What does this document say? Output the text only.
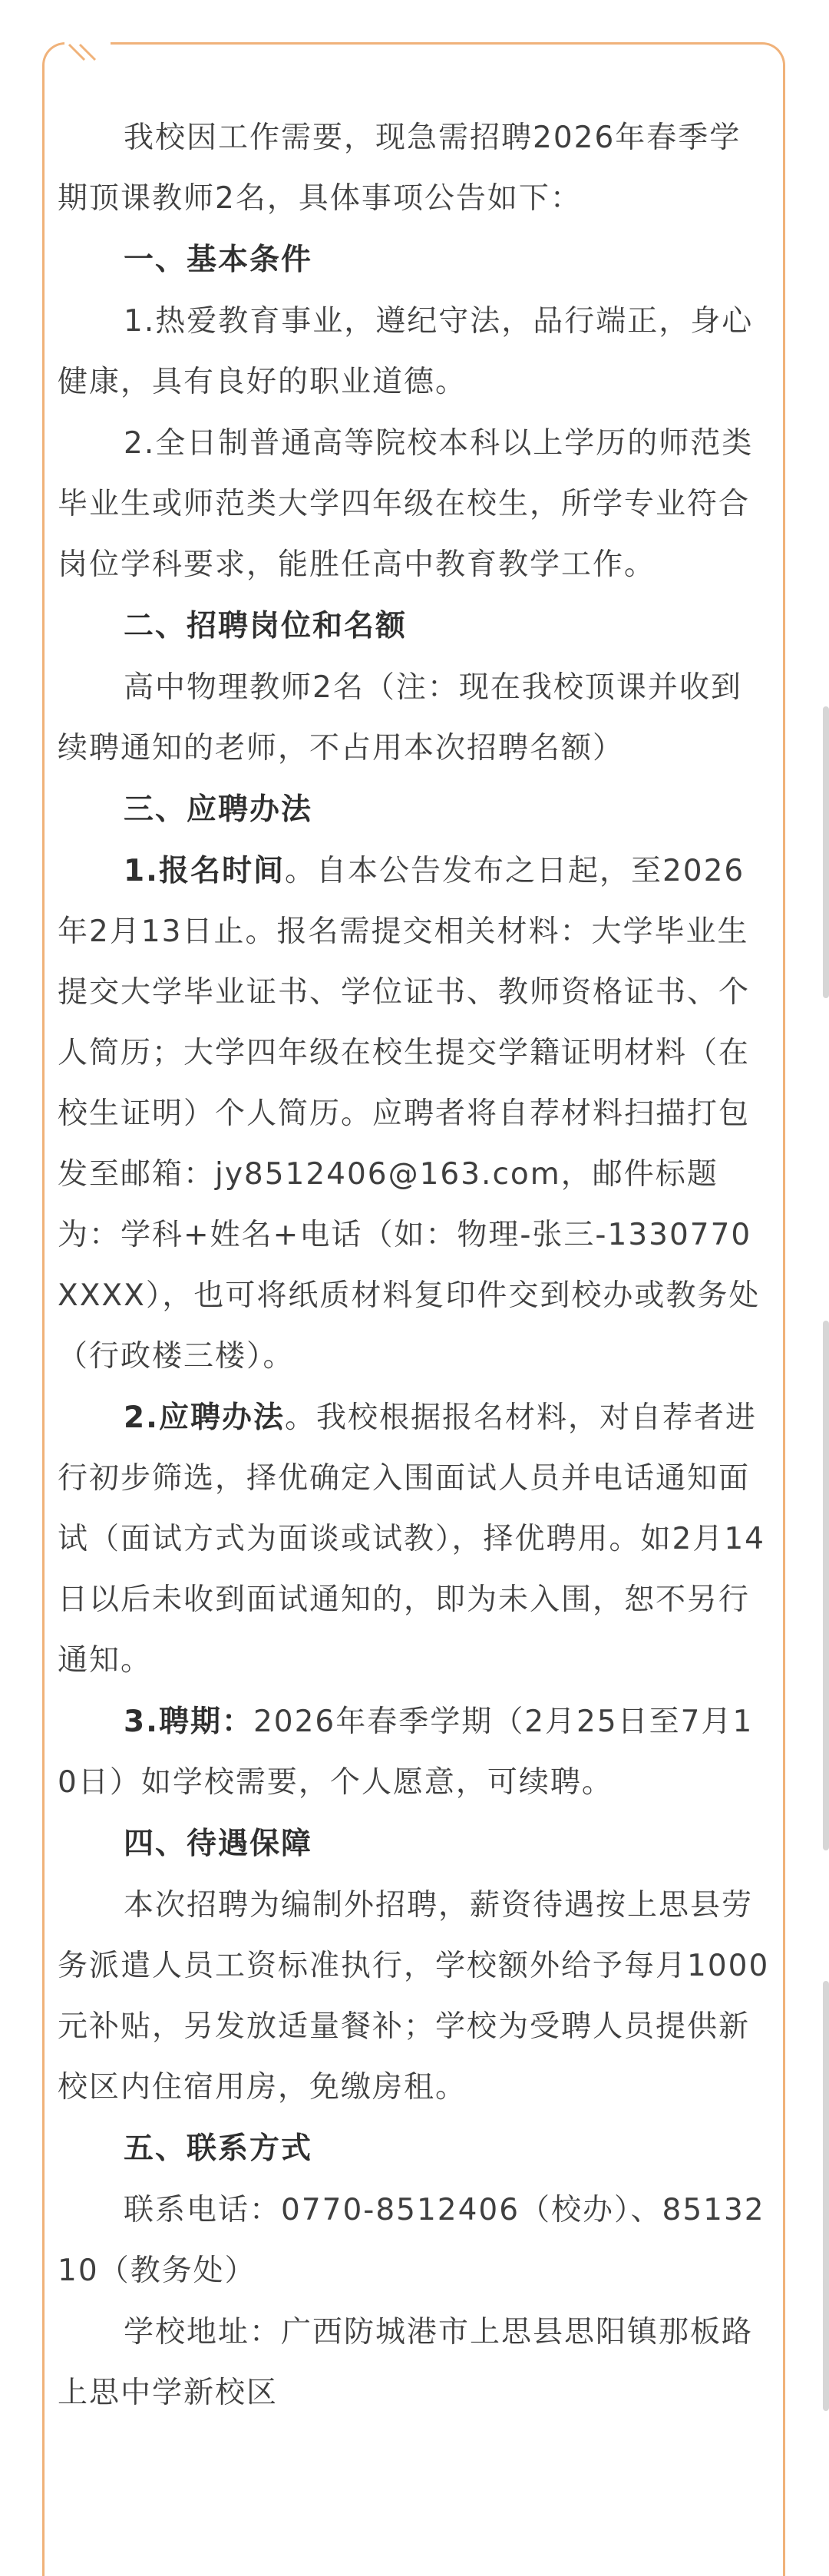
我校因工作需要，现急需招聘2026年春季学期顶课教师2名，具体事项公告如下：

一、基本条件

1.热爱教育事业，遵纪守法，品行端正，身心健康，具有良好的职业道德。

2.全日制普通高等院校本科以上学历的师范类毕业生或师范类大学四年级在校生，所学专业符合岗位学科要求，能胜任高中教育教学工作。

二、招聘岗位和名额

高中物理教师2名（注：现在我校顶课并收到续聘通知的老师，不占用本次招聘名额）

三、应聘办法

1.报名时间。自本公告发布之日起，至2026年2月13日止。报名需提交相关材料：大学毕业生提交大学毕业证书、学位证书、教师资格证书、个人简历；大学四年级在校生提交学籍证明材料（在校生证明）个人简历。应聘者将自荐材料扫描打包发至邮箱：jy8512406@163.com，邮件标题为：学科+姓名+电话（如：物理-张三-1330770XXXX），也可将纸质材料复印件交到校办或教务处（行政楼三楼）。

2.应聘办法。我校根据报名材料，对自荐者进行初步筛选，择优确定入围面试人员并电话通知面试（面试方式为面谈或试教），择优聘用。如2月14日以后未收到面试通知的，即为未入围，恕不另行通知。

3.聘期：2026年春季学期（2月25日至7月10日）如学校需要，个人愿意，可续聘。

四、待遇保障

本次招聘为编制外招聘，薪资待遇按上思县劳务派遣人员工资标准执行，学校额外给予每月1000元补贴，另发放适量餐补；学校为受聘人员提供新校区内住宿用房，免缴房租。

五、联系方式

联系电话：0770-8512406（校办）、8513210（教务处）

学校地址：广西防城港市上思县思阳镇那板路上思中学新校区
